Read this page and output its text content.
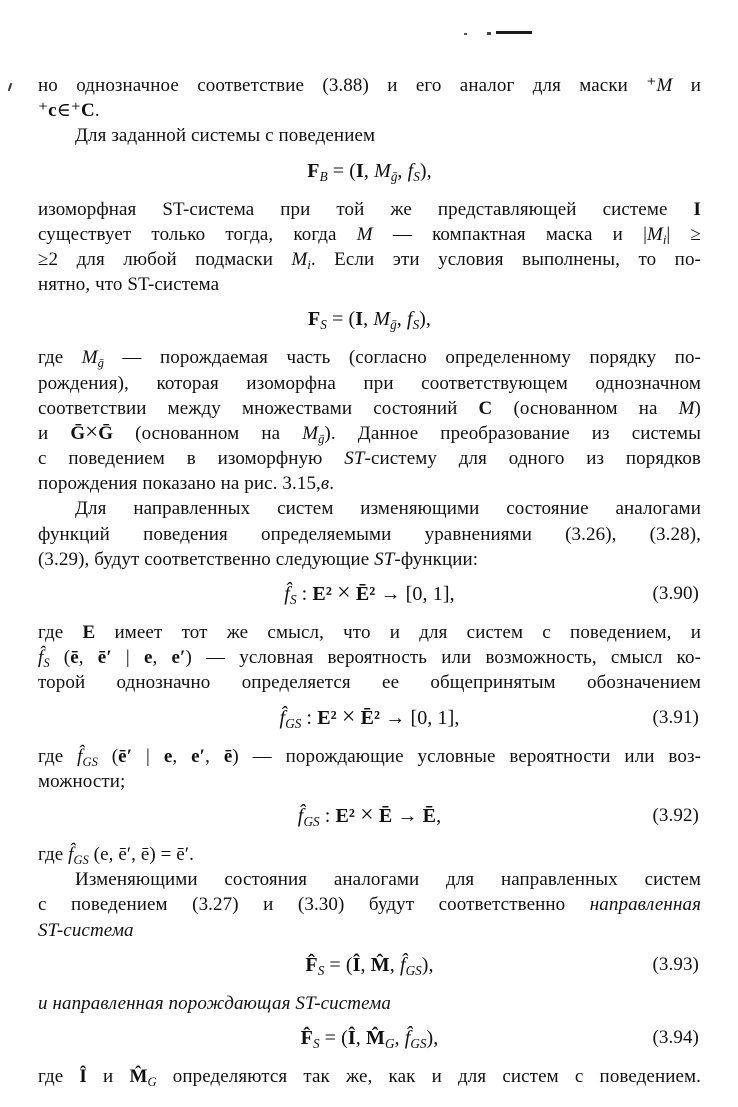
но однозначное соответствие (3.88) и его аналог для маски ⁺M и
⁺c∈⁺C.
Для заданной системы с поведением
$F_B = (I$, $M_ḡ$, $f_S$),
изоморфная ST-система при той же представляющей системе I
существует только тогда, когда M — компактная маска и $|M_i|$ ≥
≥2 для любой подмаски $M_i$. Если эти условия выполнены, то по-
нятно, что ST-система
$F_S = (I$, $M_ḡ$, $f_S$),
где $M_ḡ$ — порождаемая часть (согласно определенному порядку по-
рождения), которая изоморфна при соответствующем однозначном
соответствии между множествами состояний C (основанном на M)
и Ḡ×Ḡ (основанном на $M_ḡ$). Данное преобразование из системы
с поведением в изоморфную ST-систему для одного из порядков
порождения показано на рис. 3.15,в.
Для направленных систем изменяющими состояние аналогами
функций поведения определяемыми уравнениями (3.26), (3.28),
(3.29), будут соответственно следующие ST-функции:
$f̂_S$ : E² × Ē² → [0, 1],	(3.90)
где E имеет тот же смысл, что и для систем с поведением, и
$f̂_S$ (ē, ē′ | e, e′) — условная вероятность или возможность, смысл ко-
торой однозначно определяется ее общепринятым обозначением
$f̂_{GS}$ : E² × Ē² → [0, 1],	(3.91)
где $f̂_{GS}$ (ē′ | e, e′, ē) — порождающие условные вероятности или воз-
можности;
$f̂_{GS}$ : E² × Ē → Ē,	(3.92)
где $f̂_{GS}$ (e, ē′, ē) = ē′.
Изменяющими состояния аналогами для направленных систем
с поведением (3.27) и (3.30) будут соответственно направленная
ST-система
$F̂_S$ = (Î, M̂, $f̂_{GS}$),	(3.93)
и направленная порождающая ST-система
$F̂_S$ = (Î, $M̂_G$, $f̂_{GS}$),	(3.94)
где Î и $M̂_G$ определяются так же, как и для систем с поведением.
